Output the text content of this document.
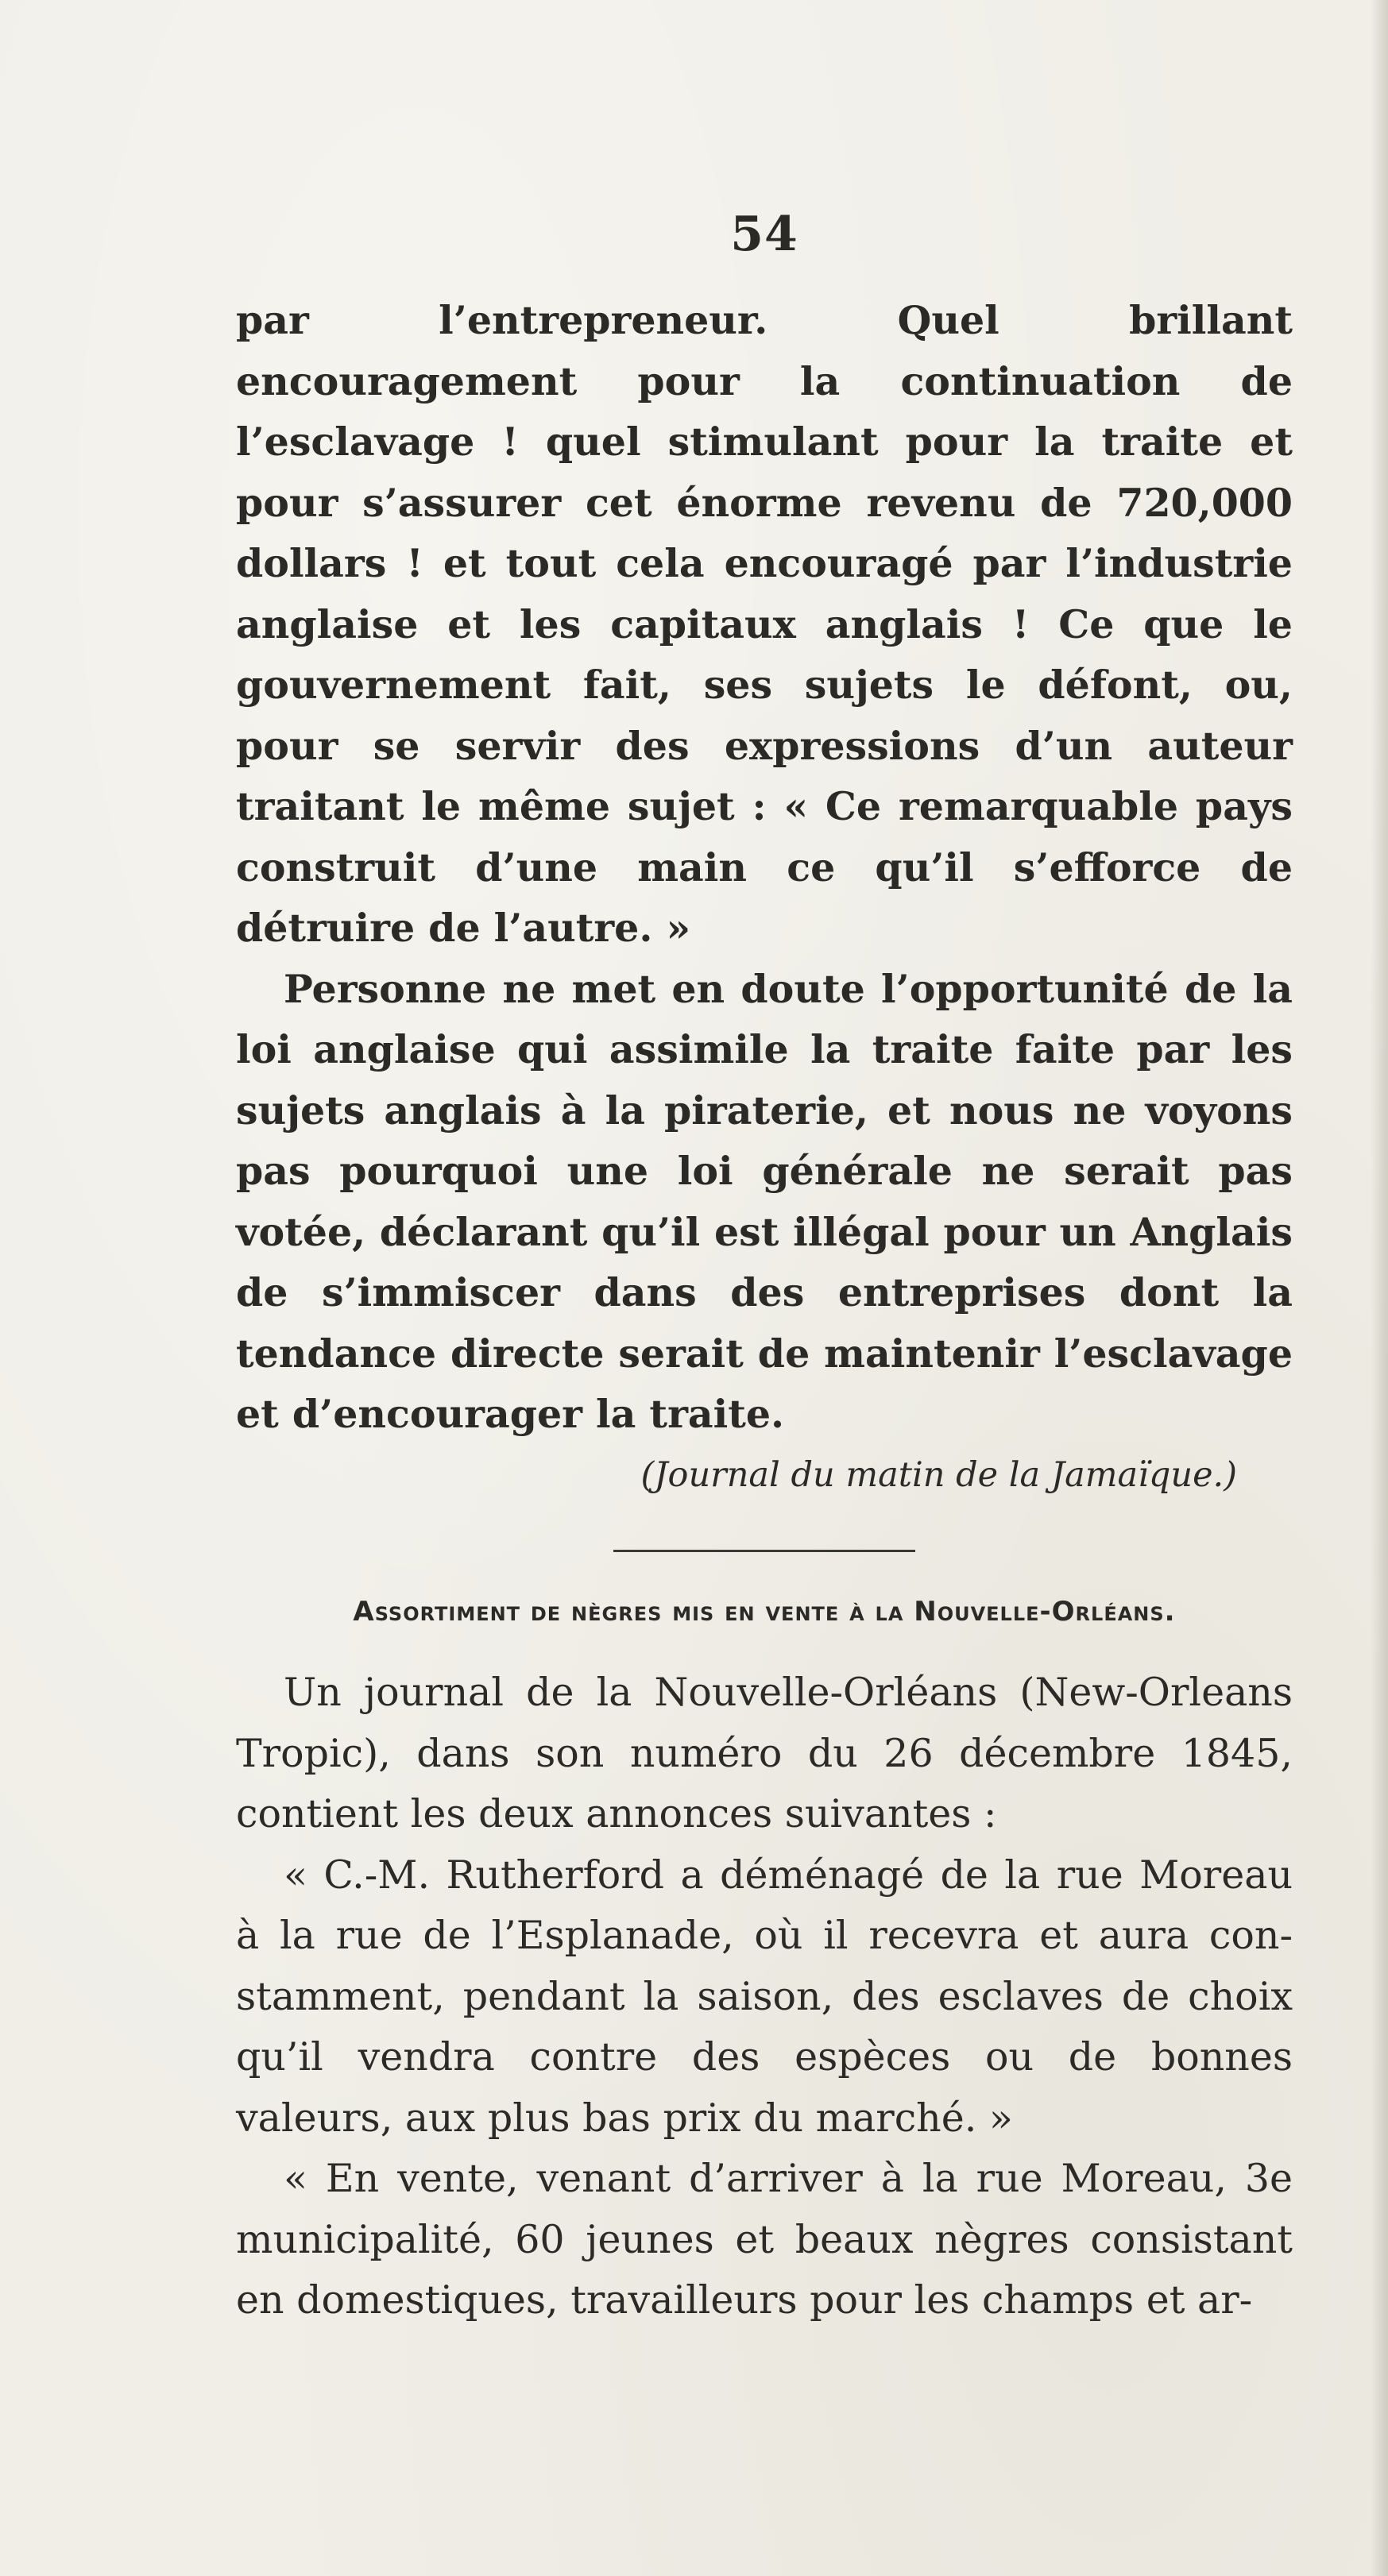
54

par l’entrepreneur. Quel brillant encouragement pour la continuation de l’esclavage ! quel stimulant pour la traite et pour s’assurer cet énorme revenu de 720,000 dollars ! et tout cela encouragé par l’industrie anglaise et les capitaux anglais ! Ce que le gouvernement fait, ses sujets le défont, ou, pour se servir des expressions d’un auteur traitant le même sujet : « Ce remarquable pays construit d’une main ce qu’il s’efforce de détruire de l’autre. »

Personne ne met en doute l’opportunité de la loi anglaise qui assimile la traite faite par les sujets anglais à la piraterie, et nous ne voyons pas pourquoi une loi générale ne serait pas votée, déclarant qu’il est illégal pour un Anglais de s’immiscer dans des entreprises dont la tendance directe serait de maintenir l’esclavage et d’encourager la traite.

(Journal du matin de la Jamaïque.)

Assortiment de nègres mis en vente à la Nouvelle-Orléans.

Un journal de la Nouvelle-Orléans (New-Orleans Tropic), dans son numéro du 26 décembre 1845, contient les deux annonces suivantes :

« C.-M. Rutherford a déménagé de la rue Moreau à la rue de l’Esplanade, où il recevra et aura constamment, pendant la saison, des esclaves de choix qu’il vendra contre des espèces ou de bonnes valeurs, aux plus bas prix du marché. »

« En vente, venant d’arriver à la rue Moreau, 3e municipalité, 60 jeunes et beaux nègres consistant en domestiques, travailleurs pour les champs et ar-
